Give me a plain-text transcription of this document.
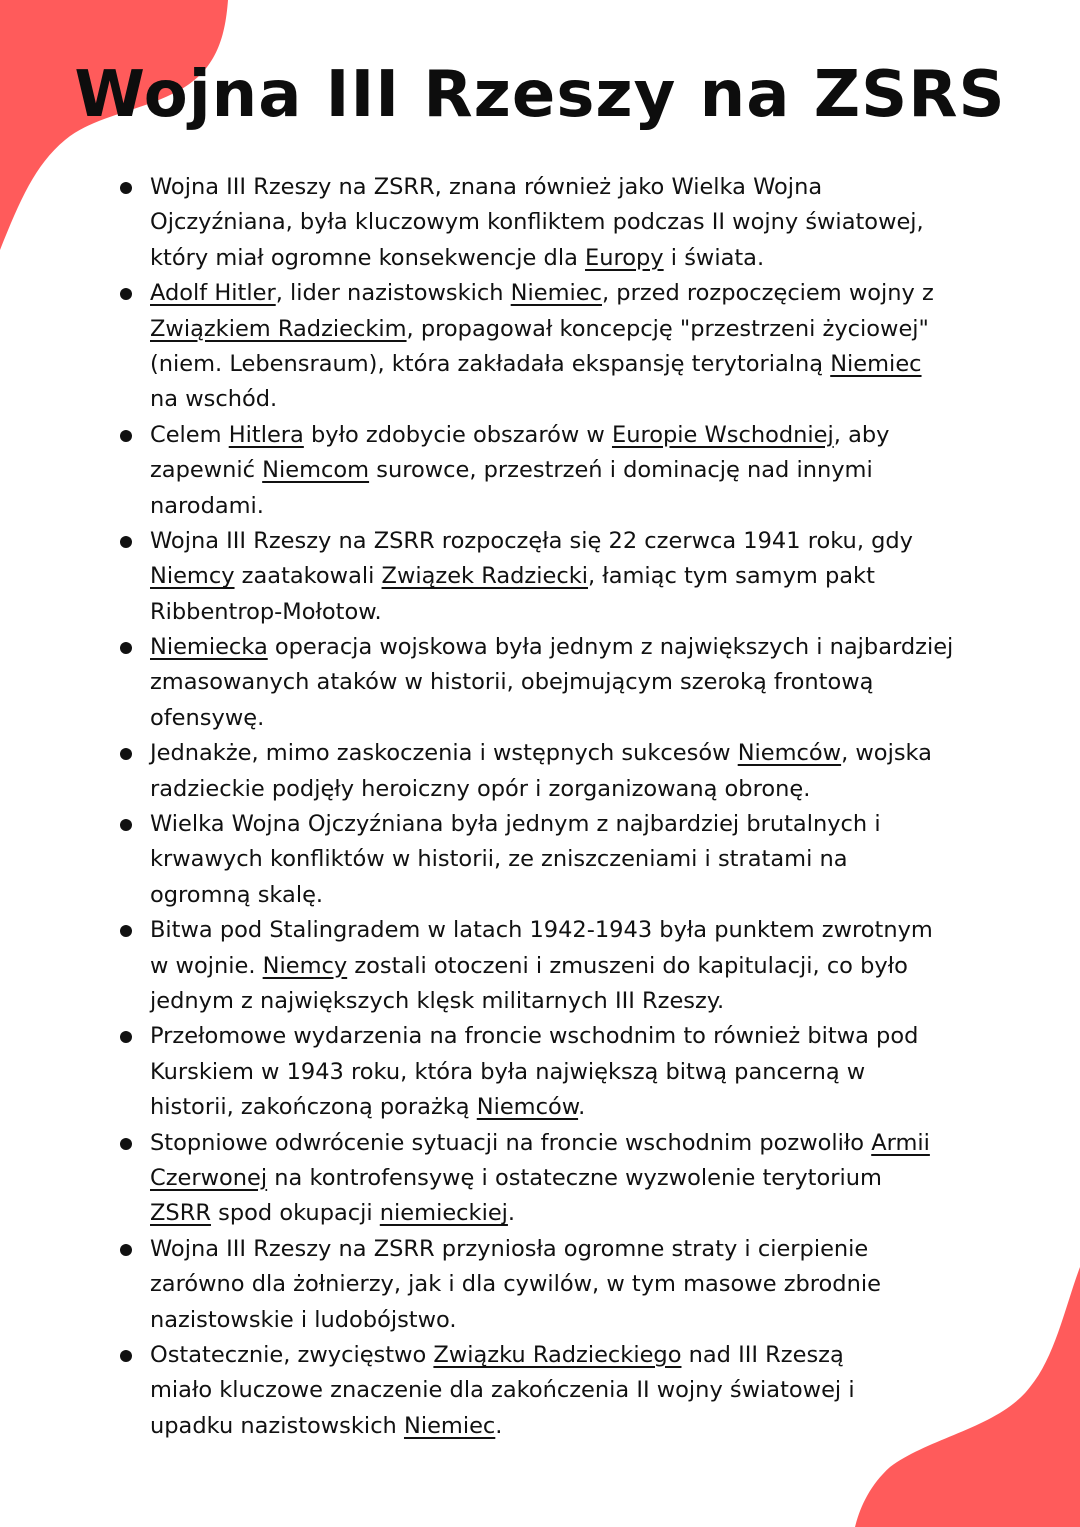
Wojna III Rzeszy na ZSRS
Wojna III Rzeszy na ZSRR, znana również jako Wielka Wojna
Ojczyźniana, była kluczowym konfliktem podczas II wojny światowej,
który miał ogromne konsekwencje dla Europy i świata.
Adolf Hitler, lider nazistowskich Niemiec, przed rozpoczęciem wojny z
Związkiem Radzieckim, propagował koncepcję "przestrzeni życiowej"
(niem. Lebensraum), która zakładała ekspansję terytorialną Niemiec
na wschód.
Celem Hitlera było zdobycie obszarów w Europie Wschodniej, aby
zapewnić Niemcom surowce, przestrzeń i dominację nad innymi
narodami.
Wojna III Rzeszy na ZSRR rozpoczęła się 22 czerwca 1941 roku, gdy
Niemcy zaatakowali Związek Radziecki, łamiąc tym samym pakt
Ribbentrop-Mołotow.
Niemiecka operacja wojskowa była jednym z największych i najbardziej
zmasowanych ataków w historii, obejmującym szeroką frontową
ofensywę.
Jednakże, mimo zaskoczenia i wstępnych sukcesów Niemców, wojska
radzieckie podjęły heroiczny opór i zorganizowaną obronę.
Wielka Wojna Ojczyźniana była jednym z najbardziej brutalnych i
krwawych konfliktów w historii, ze zniszczeniami i stratami na
ogromną skalę.
Bitwa pod Stalingradem w latach 1942-1943 była punktem zwrotnym
w wojnie. Niemcy zostali otoczeni i zmuszeni do kapitulacji, co było
jednym z największych klęsk militarnych III Rzeszy.
Przełomowe wydarzenia na froncie wschodnim to również bitwa pod
Kurskiem w 1943 roku, która była największą bitwą pancerną w
historii, zakończoną porażką Niemców.
Stopniowe odwrócenie sytuacji na froncie wschodnim pozwoliło Armii
Czerwonej na kontrofensywę i ostateczne wyzwolenie terytorium
ZSRR spod okupacji niemieckiej.
Wojna III Rzeszy na ZSRR przyniosła ogromne straty i cierpienie
zarówno dla żołnierzy, jak i dla cywilów, w tym masowe zbrodnie
nazistowskie i ludobójstwo.
Ostatecznie, zwycięstwo Związku Radzieckiego nad III Rzeszą
miało kluczowe znaczenie dla zakończenia II wojny światowej i
upadku nazistowskich Niemiec.
